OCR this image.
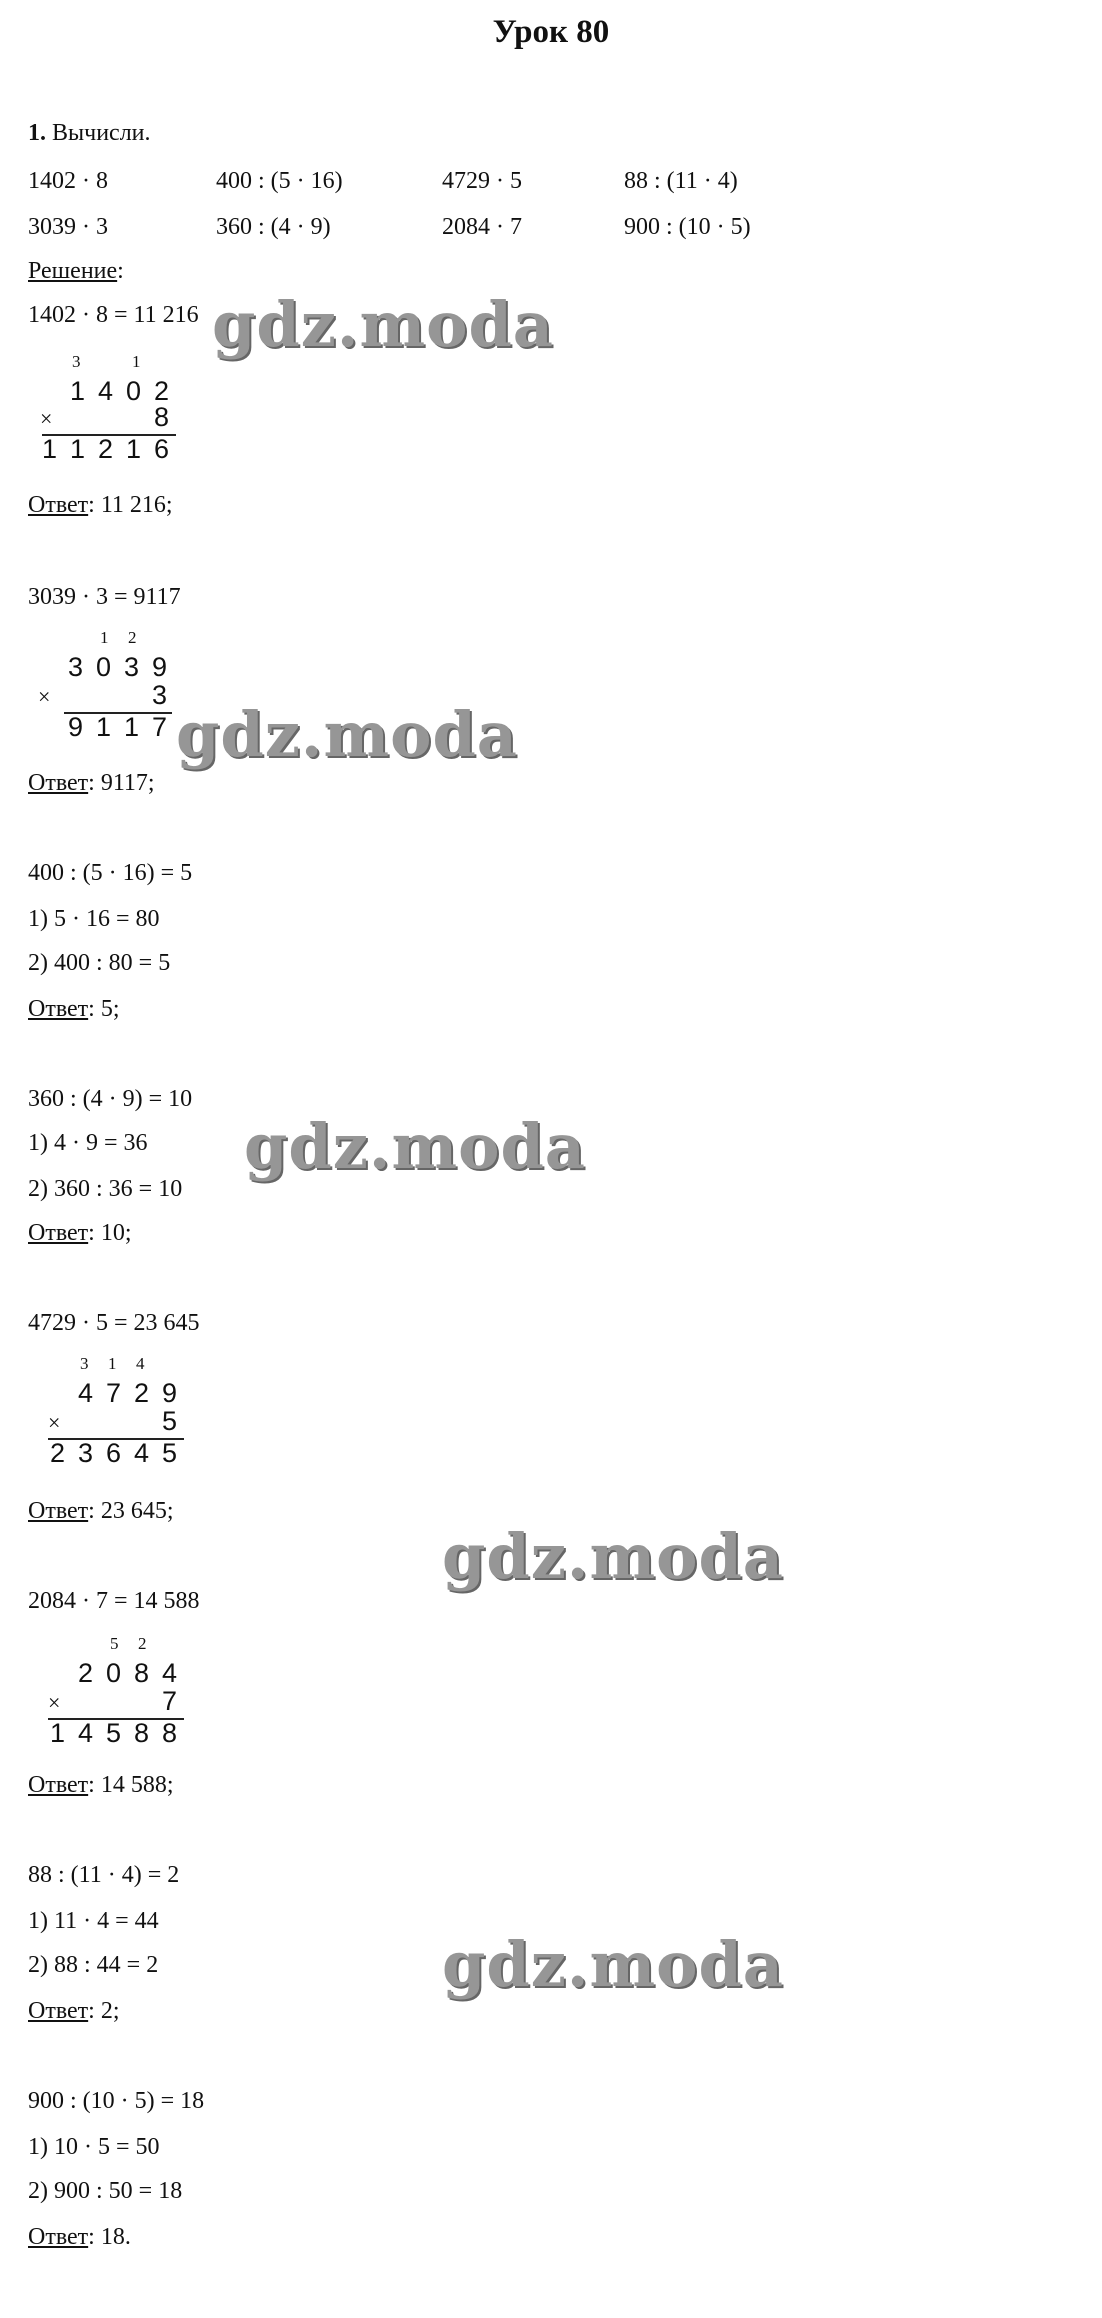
Урок 80
1. Вычисли.
1402 · 8	400 : (5 · 16)	4729 · 5	88 : (11 · 4)
3039 · 3	360 : (4 · 9)	2084 · 7	900 : (10 · 5)
Решение:
1402 · 8 = 11 216
3	1
1 4 0 2
×	8
1 1 2 1 6
Ответ: 11 216;
3039 · 3 = 9117
1 2
3 0 3 9
×	3
9 1 1 7
Ответ: 9117;
400 : (5 · 16) = 5
1) 5 · 16 = 80
2) 400 : 80 = 5
Ответ: 5;
360 : (4 · 9) = 10
1) 4 · 9 = 36
2) 360 : 36 = 10
Ответ: 10;
4729 · 5 = 23 645
3 1 4
4 7 2 9
×	5
2 3 6 4 5
Ответ: 23 645;
2084 · 7 = 14 588
5 2
2 0 8 4
×	7
1 4 5 8 8
Ответ: 14 588;
88 : (11 · 4) = 2
1) 11 · 4 = 44
2) 88 : 44 = 2
Ответ: 2;
900 : (10 · 5) = 18
1) 10 · 5 = 50
2) 900 : 50 = 18
Ответ: 18.
gdz.moda
gdz.moda
gdz.moda
gdz.moda
gdz.moda
